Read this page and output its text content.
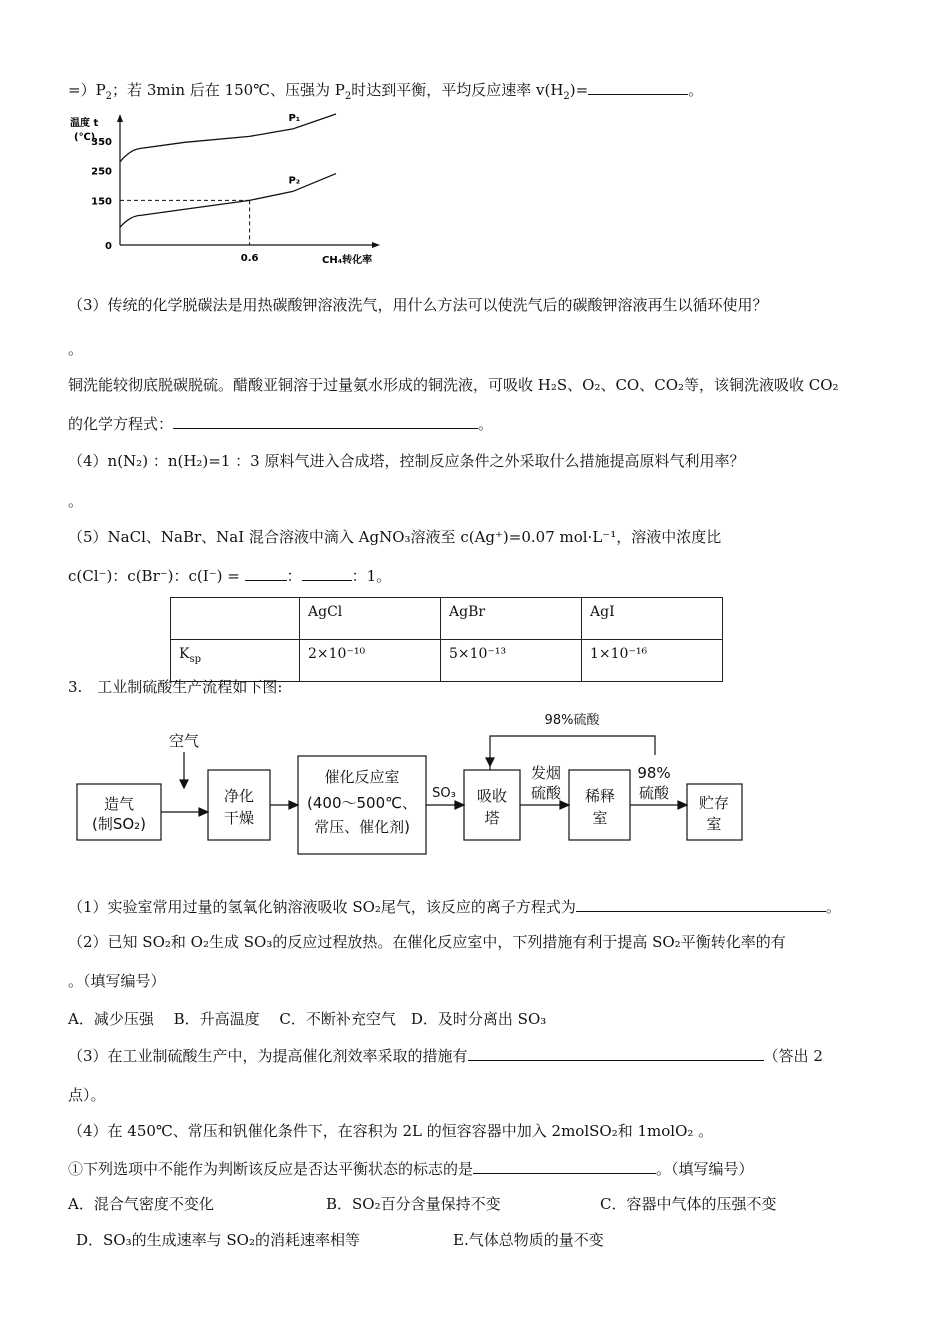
$=)P_2$；若 3min 后在 150℃、压强为 $P_2$时达到平衡，平均反应速率 $v(H_2)=$	。
温度 t
(℃)
0
150
250
350
P₁
P₂
0.6	CH₄转化率
（3）传统的化学脱碳法是用热碳酸钾溶液洗气，用什么方法可以使洗气后的碳酸钾溶液再生以循环使用？
。
铜洗能较彻底脱碳脱硫。醋酸亚铜溶于过量氨水形成的铜洗液，可吸收 H₂S、O₂、CO、CO₂等，该铜洗液吸收 CO₂
的化学方程式：	。
（4）n(N₂) ：n(H₂)=1 ：3 原料气进入合成塔，控制反应条件之外采取什么措施提高原料气利用率？
。
（5）NaCl、NaBr、NaI 混合溶液中滴入 AgNO₃溶液至 c(Ag⁺)=0.07 mol·L⁻¹，溶液中浓度比
c(Cl⁻)：c(Br⁻)：c(I⁻) =	：	：1。
	AgCl	AgBr	AgI
$K_{sp}$	2×10⁻¹⁰	5×10⁻¹³	1×10⁻¹⁶
3.　工业制硫酸生产流程如下图:
98%硫酸
空气
造气
(制SO₂)
净化
干燥
催化反应室
(400～500℃、
常压、催化剂)
SO₃ 吸收
塔
发烟
硫酸 稀释
室
98%
硫酸
贮存
室
（1）实验室常用过量的氢氧化钠溶液吸收 SO₂尾气，该反应的离子方程式为	。
（2）已知 SO₂和 O₂生成 SO₃的反应过程放热。在催化反应室中，下列措施有利于提高 SO₂平衡转化率的有
。（填写编号）
A．减少压强　 B．升高温度　 C．不断补充空气　D．及时分离出 SO₃
（3）在工业制硫酸生产中，为提高催化剂效率采取的措施有	（答出 2
点）。
（4）在 450℃、常压和钒催化条件下，在容积为 2L 的恒容容器中加入 2molSO₂和 1molO₂ 。
①下列选项中不能作为判断该反应是否达平衡状态的标志的是	。（填写编号）
A．混合气密度不变化	B．SO₂百分含量保持不变	C．容器中气体的压强不变
D．SO₃的生成速率与 SO₂的消耗速率相等	E.气体总物质的量不变
